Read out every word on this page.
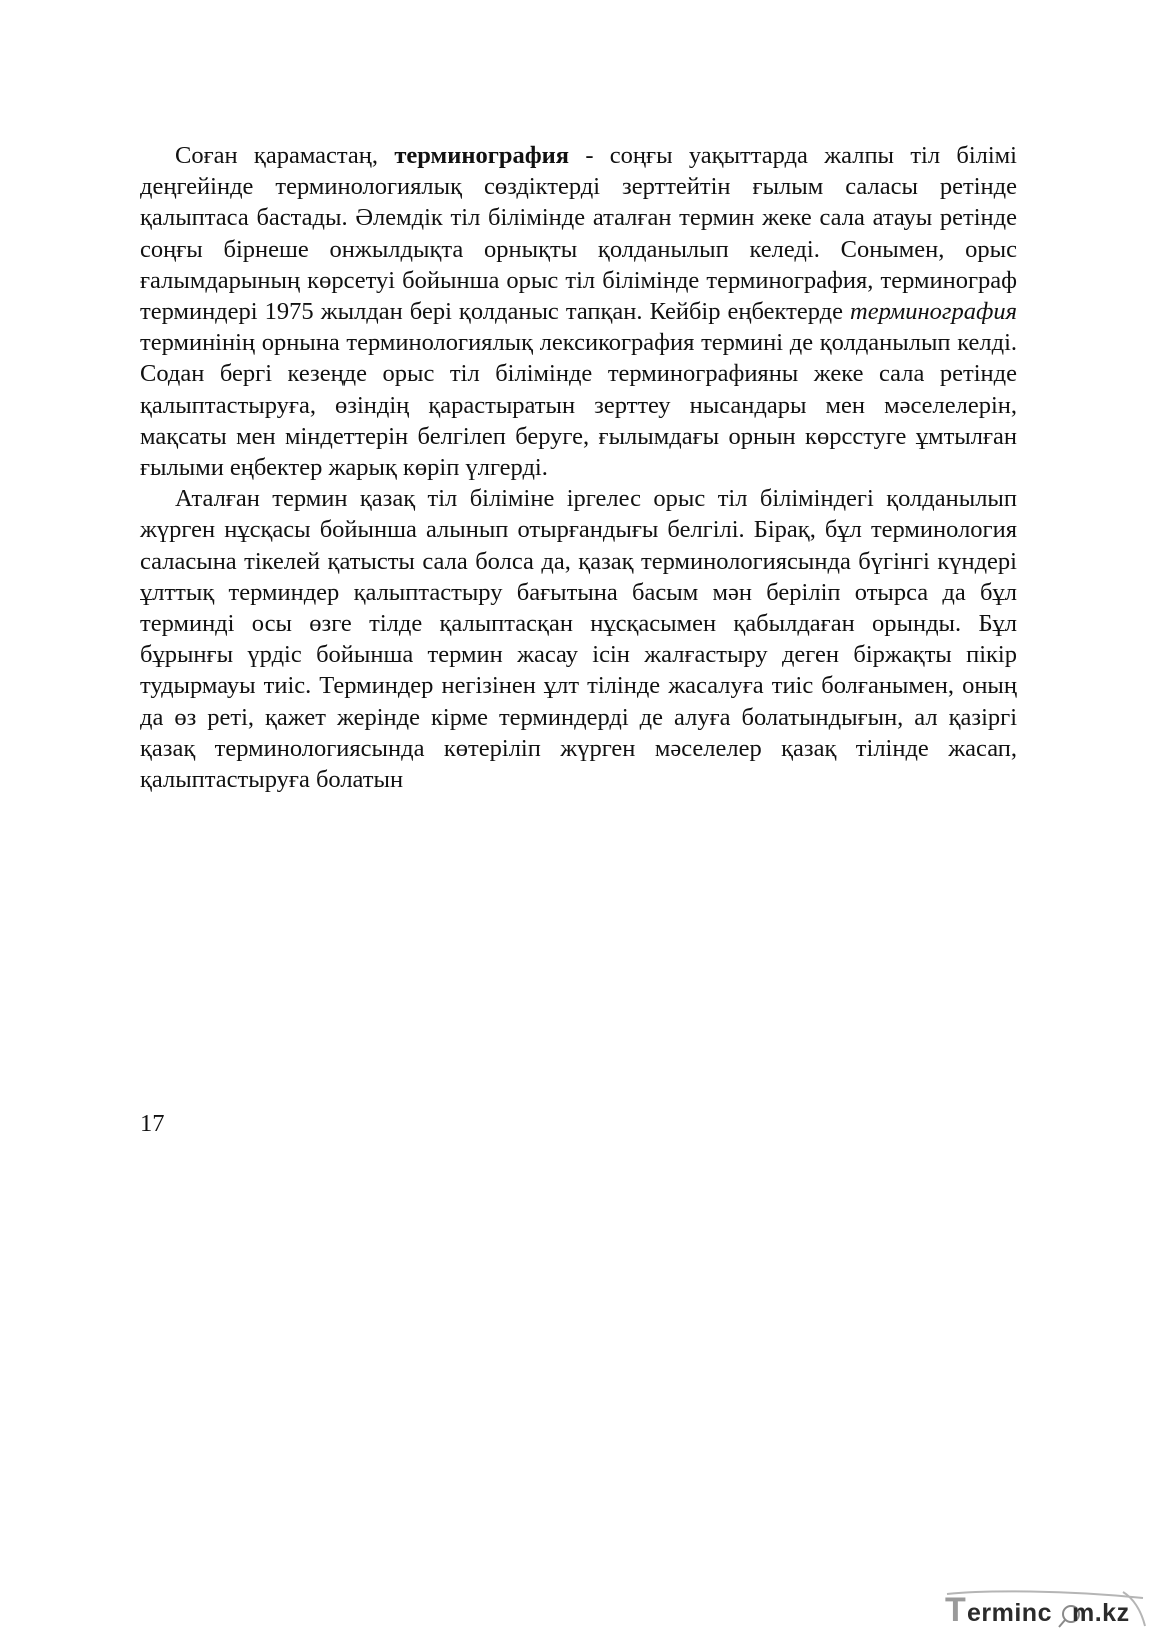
Соған қарамастаң, терминография - соңғы уақыттарда жалпы тіл білімі деңгейінде терминологиялық сөздіктерді зерттейтін ғылым саласы ретінде қалыптаса бастады. Әлемдік тіл білімінде аталған термин жеке сала атауы ретінде соңғы бірнеше онжылдықта орнықты қолданылып келеді. Сонымен, орыс ғалымдарының көрсетуі бойынша орыс тіл білімінде терминография, терминограф терминдері 1975 жылдан бері қолданыс тапқан. Кейбір еңбектерде терминография терминінің орнына терминологиялық лексикография термині де қолданылып келді. Содан бергі кезеңде орыс тіл білімінде терминографияны жеке сала ретінде қалыптастыруға, өзіндің қарастыратын зерттеу нысандары мен мәселелерін, мақсаты мен міндеттерін белгілеп беруге, ғылымдағы орнын көрсстуге ұмтылған ғылыми еңбектер жарық көріп үлгерді.

Аталған термин қазақ тіл біліміне іргелес орыс тіл біліміндегі қолданылып жүрген нұсқасы бойынша алынып отырғандығы белгілі. Бірақ, бұл терминология саласына тікелей қатысты сала болса да, қазақ терминологиясында бүгінгі күндері ұлттық терминдер қалыптастыру бағытына басым мән беріліп отырса да бұл терминді осы өзге тілде қалыптасқан нұсқасымен қабылдаған орынды. Бұл бұрынғы үрдіс бойынша термин жасау ісін жалғастыру деген біржақты пікір тудырмауы тиіс. Терминдер негізінен ұлт тілінде жасалуға тиіс болғанымен, оның да өз реті, қажет жерінде кірме терминдерді де алуға болатындығын, ал қазіргі қазақ терминологиясында көтеріліп жүрген мәселелер қазақ тілінде жасап, қалыптастыруға болатын

17
T erminc m.kz
